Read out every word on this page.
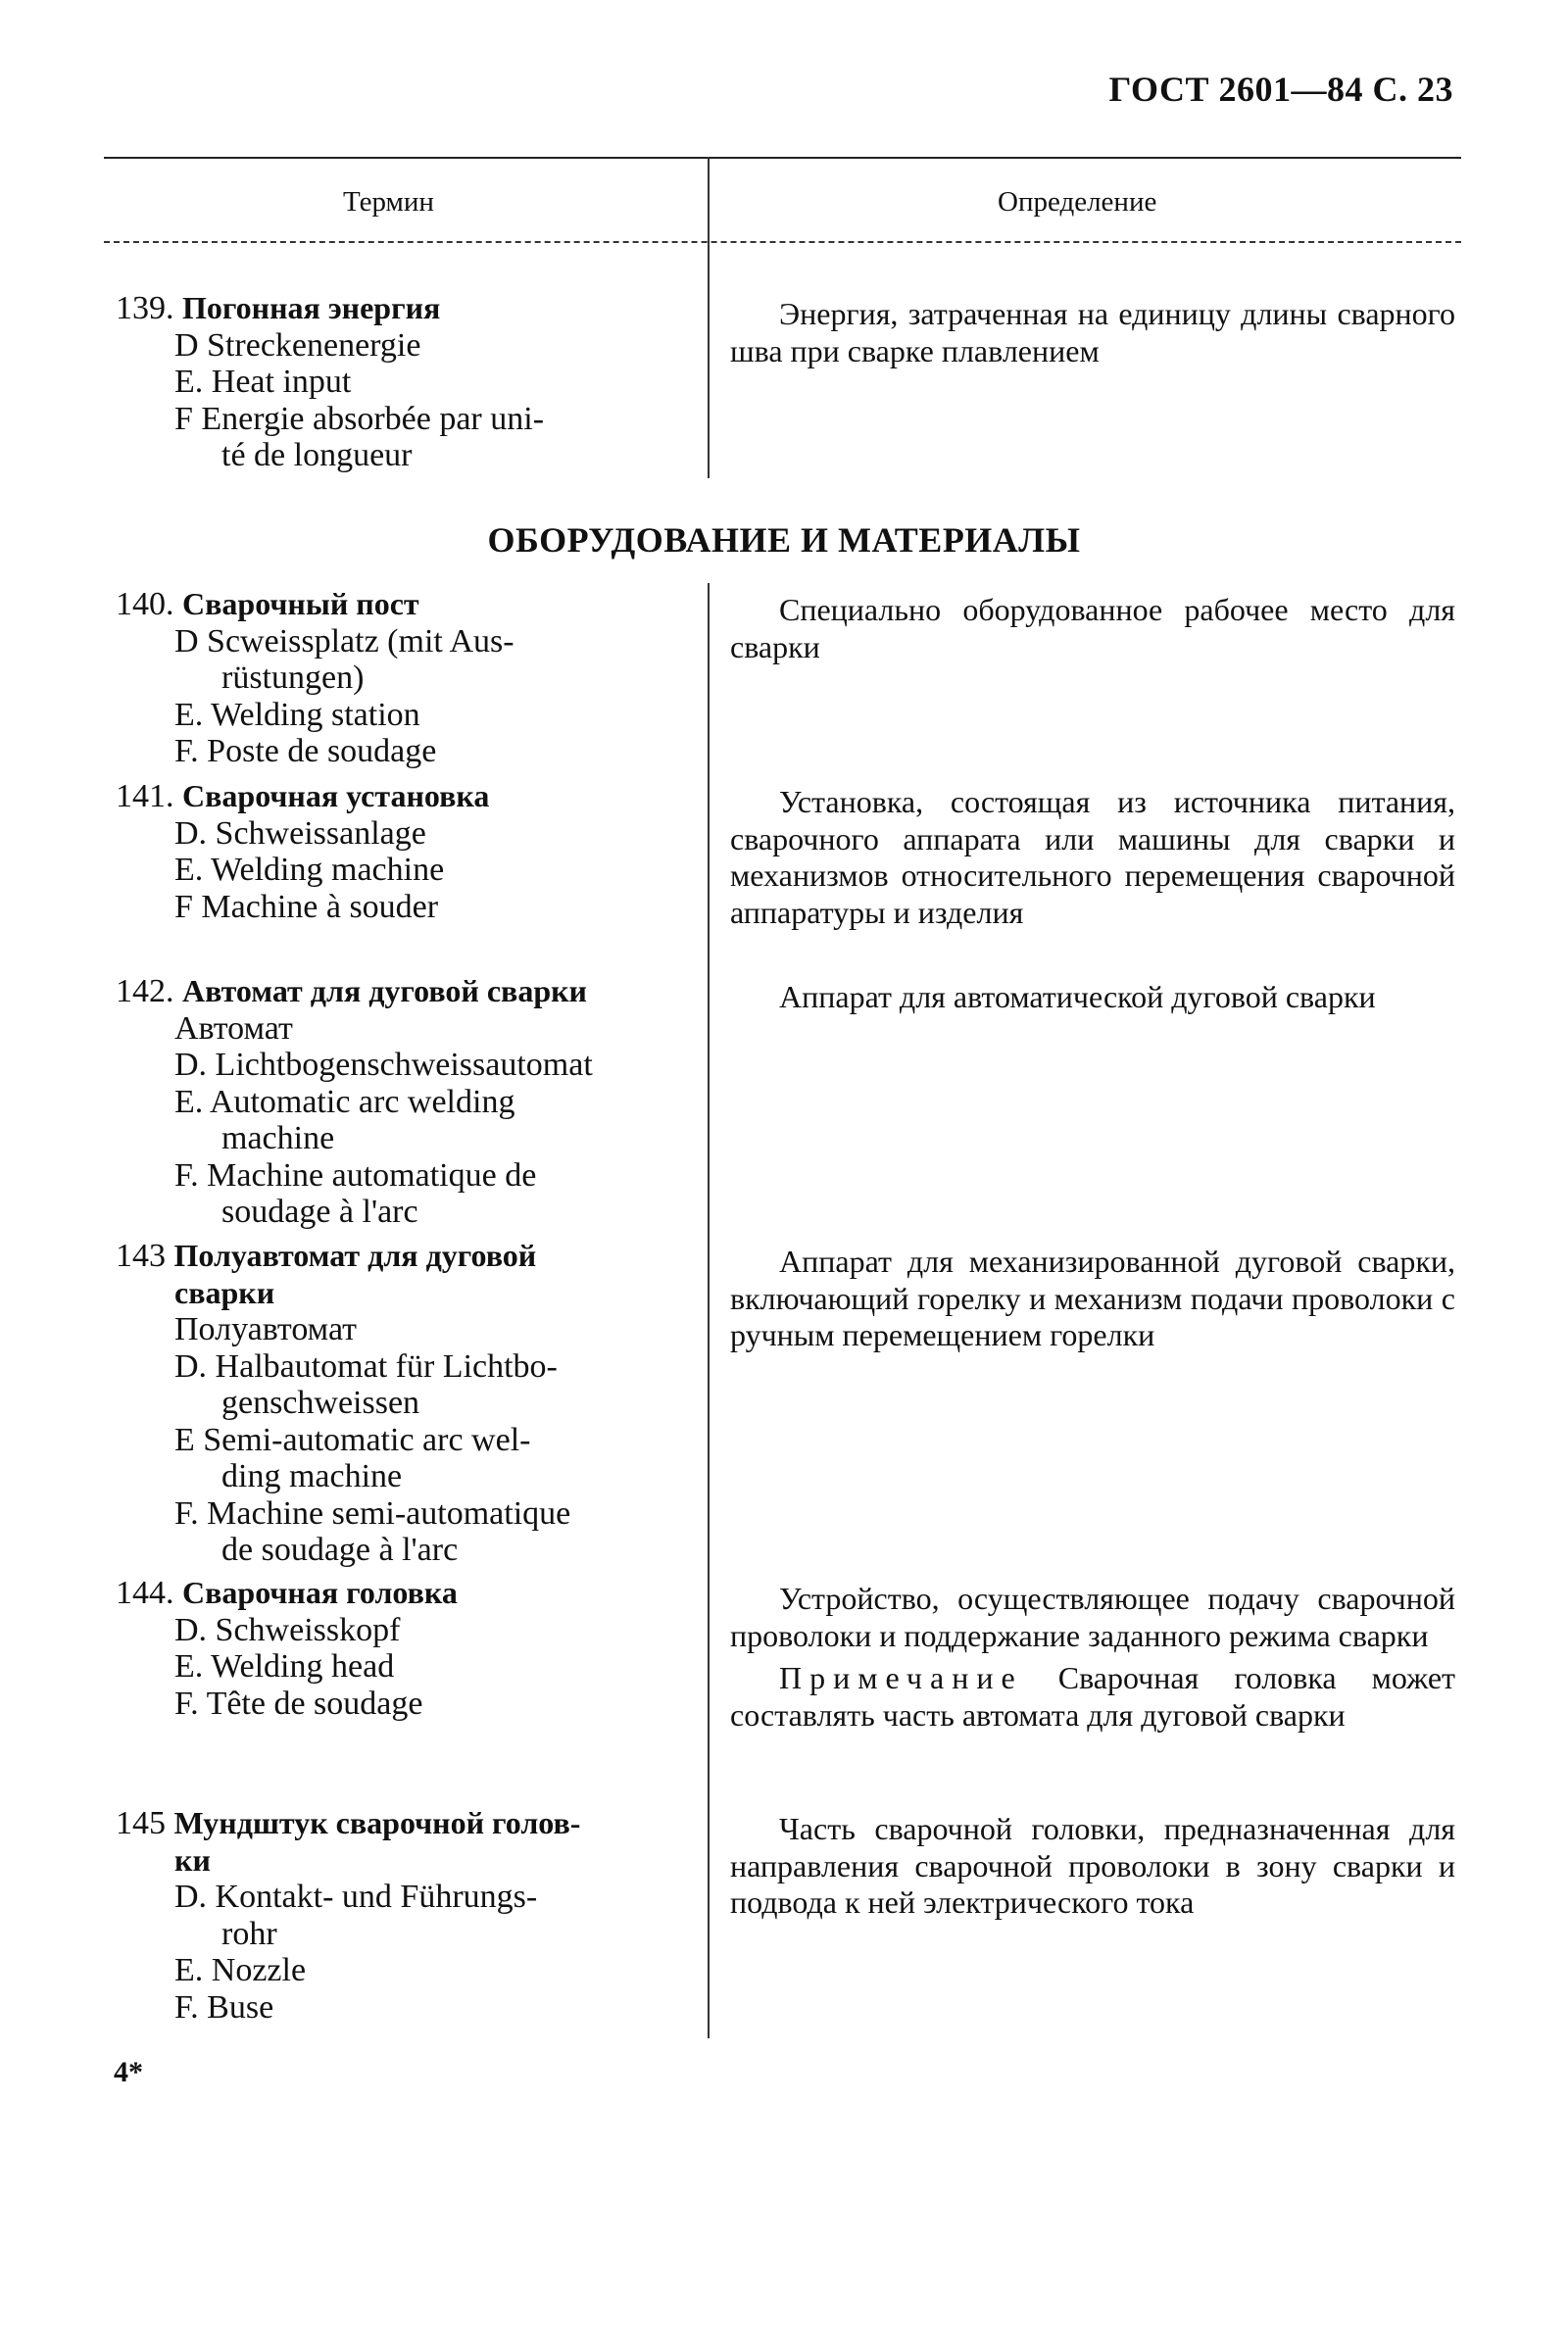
ГОСТ 2601—84 С. 23
Термин	Определение
139. Погонная энергия
D Streckenenergie
E. Heat input
F Energie absorbée par uni-
té de longueur

Энергия, затраченная на единицу длины сварного шва при сварке плавлением

ОБОРУДОВАНИЕ И МАТЕРИАЛЫ
140. Сварочный пост
D Scweissplatz (mit Aus-
rüstungen)
E. Welding station
F. Poste de soudage

Специально оборудованное рабочее место для сварки

141. Сварочная установка
D. Schweissanlage
E. Welding machine
F Machine à souder

Установка, состоящая из источника питания, сварочного аппарата или машины для сварки и механизмов относительного перемещения сварочной аппаратуры и изделия

142. Автомат для дуговой сварки
Автомат
D. Lichtbogenschweissautomat
E. Automatic arc welding
machine
F. Machine automatique de
soudage à l'arc

Аппарат для автоматической дуговой сварки

143 Полуавтомат для дуговой
сварки
Полуавтомат
D. Halbautomat für Lichtbo-
genschweissen
E Semi-automatic arc wel-
ding machine
F. Machine semi-automatique
de soudage à l'arc

Аппарат для механизированной дуговой сварки, включающий горелку и механизм подачи проволоки с ручным перемещением горелки

144. Сварочная головка
D. Schweisskopf
E. Welding head
F. Tête de soudage

Устройство, осуществляющее подачу сварочной проволоки и поддержание заданного режима сварки

Примечание Сварочная головка может составлять часть автомата для дуговой сварки

145 Мундштук сварочной голов-
ки
D. Kontakt- und Führungs-
rohr
E. Nozzle
F. Buse

Часть сварочной головки, предназначенная для направления сварочной проволоки в зону сварки и подвода к ней электрического тока

4*
